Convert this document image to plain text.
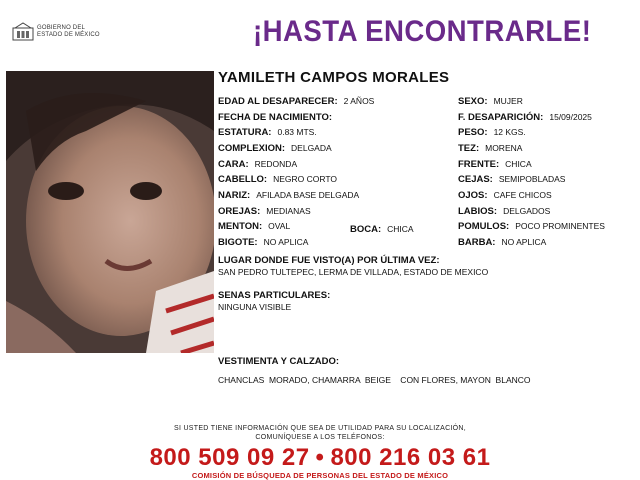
GOBIERNO DEL
ESTADO DE MÉXICO	¡HASTA ENCONTRARLE!
YAMILETH CAMPOS MORALES
EDAD AL DESAPARECER: 2 AÑOS
FECHA DE NACIMIENTO:
ESTATURA: 0.83 MTS.
COMPLEXION: DELGADA
CARA: REDONDA
CABELLO: NEGRO CORTO
NARIZ: AFILADA BASE DELGADA
OREJAS: MEDIANAS
MENTON: OVAL	BOCA: CHICA
BIGOTE: NO APLICA
SEXO: MUJER
F. DESAPARICIÓN: 15/09/2025
PESO: 12 KGS.
TEZ: MORENA
FRENTE: CHICA
CEJAS: SEMIPOBLADAS
OJOS: CAFE CHICOS
LABIOS: DELGADOS
POMULOS: POCO PROMINENTES
BARBA: NO APLICA
LUGAR DONDE FUE VISTO(A) POR ÚLTIMA VEZ:
SAN PEDRO TULTEPEC, LERMA DE VILLADA, ESTADO DE MEXICO
SENAS PARTICULARES:
NINGUNA VISIBLE
VESTIMENTA Y CALZADO:
CHANCLAS  MORADO, CHAMARRA  BEIGE    CON FLORES, MAYON  BLANCO
SI USTED TIENE INFORMACIÓN QUE SEA DE UTILIDAD PARA SU LOCALIZACIÓN,
COMUNÍQUESE A LOS TELÉFONOS:
800 509 09 27 • 800 216 03 61
COMISIÓN DE BÚSQUEDA DE PERSONAS DEL ESTADO DE MÉXICO
